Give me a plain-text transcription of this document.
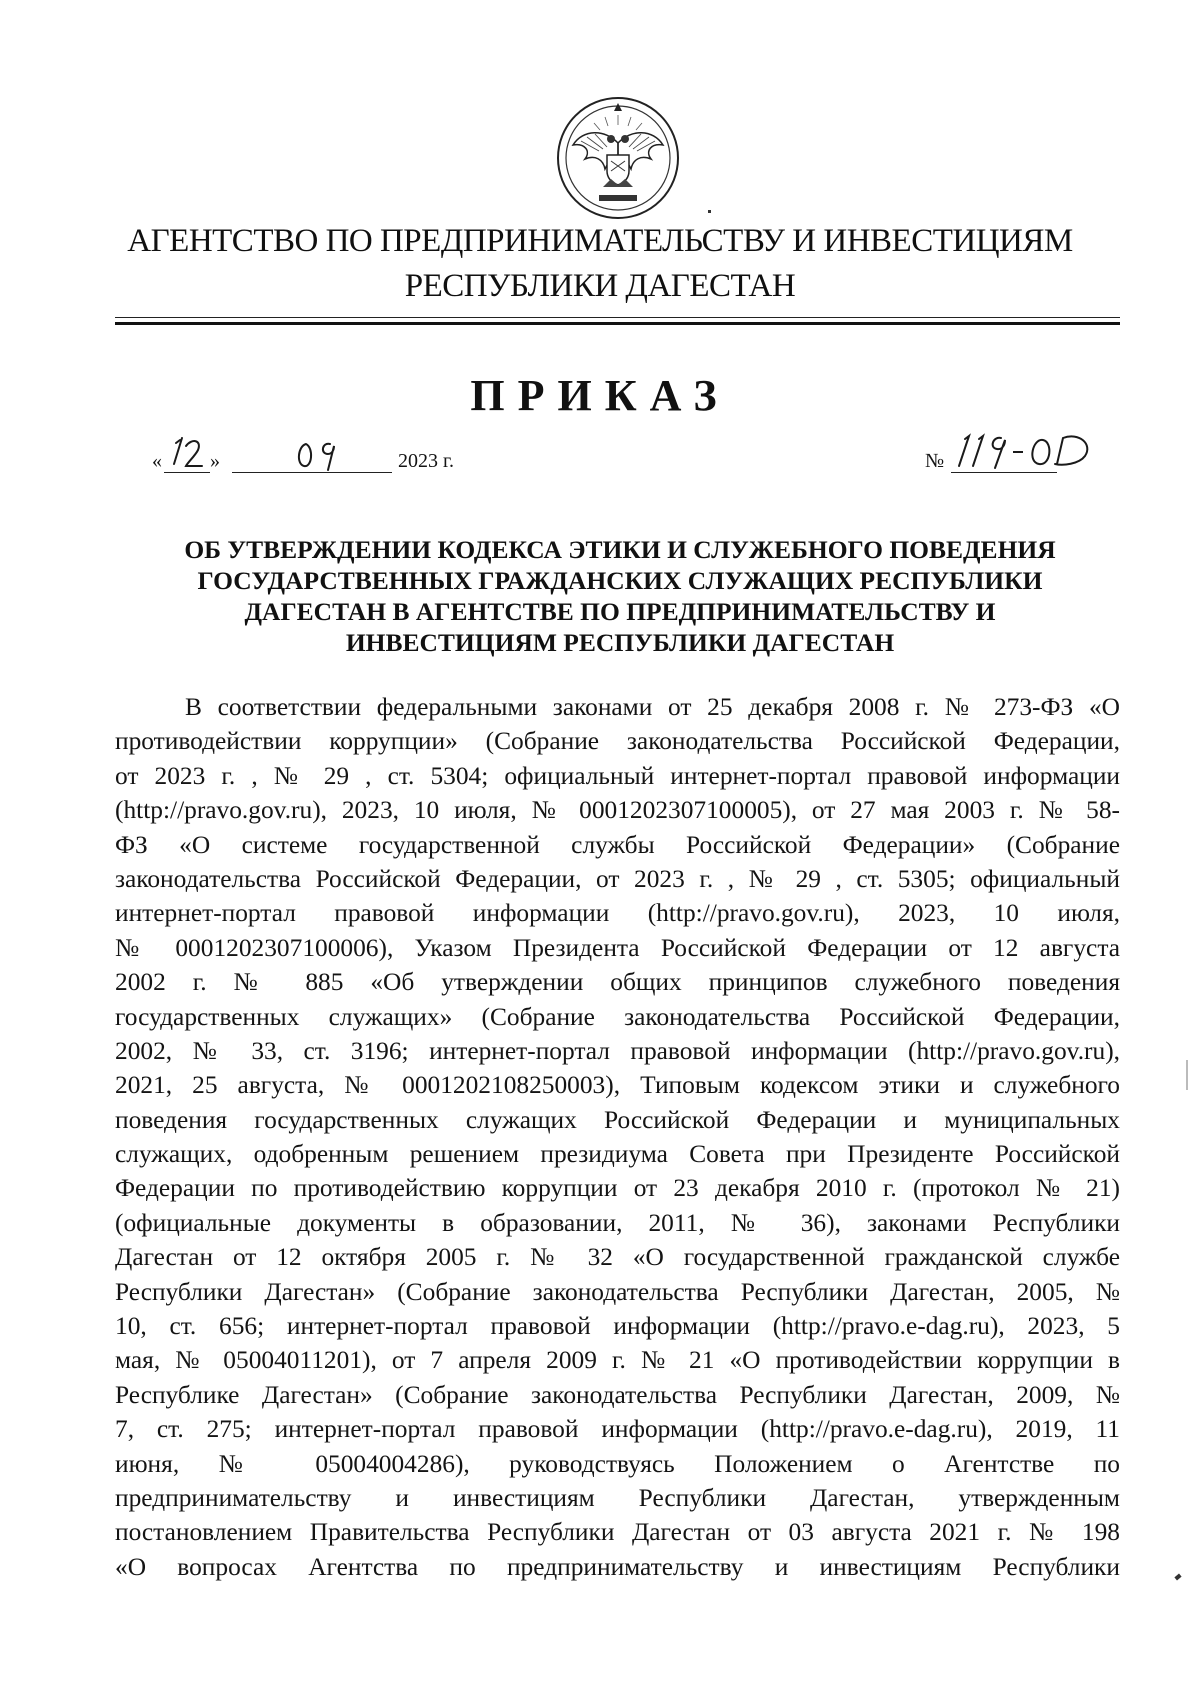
АГЕНТСТВО ПО ПРЕДПРИНИМАТЕЛЬСТВУ И ИНВЕСТИЦИЯМ
РЕСПУБЛИКИ ДАГЕСТАН
ПРИКАЗ
« »	2023 г.	№
ОБ УТВЕРЖДЕНИИ КОДЕКСА ЭТИКИ И СЛУЖЕБНОГО ПОВЕДЕНИЯ
ГОСУДАРСТВЕННЫХ ГРАЖДАНСКИХ СЛУЖАЩИХ РЕСПУБЛИКИ
ДАГЕСТАН В АГЕНТСТВЕ ПО ПРЕДПРИНИМАТЕЛЬСТВУ И
ИНВЕСТИЦИЯМ РЕСПУБЛИКИ ДАГЕСТАН
В соответствии федеральными законами от 25 декабря 2008 г. № 273-ФЗ «О
противодействии коррупции» (Собрание законодательства Российской Федерации,
от 2023 г. , № 29 , ст. 5304; официальный интернет-портал правовой информации
(http://pravo.gov.ru), 2023, 10 июля, № 0001202307100005), от 27 мая 2003 г. № 58-
ФЗ «О системе государственной службы Российской Федерации» (Собрание
законодательства Российской Федерации, от 2023 г. , № 29 , ст. 5305; официальный
интернет-портал правовой информации (http://pravo.gov.ru), 2023, 10 июля,
№ 0001202307100006), Указом Президента Российской Федерации от 12 августа
2002 г. № 885 «Об утверждении общих принципов служебного поведения
государственных служащих» (Собрание законодательства Российской Федерации,
2002, № 33, ст. 3196; интернет-портал правовой информации (http://pravo.gov.ru),
2021, 25 августа, № 0001202108250003), Типовым кодексом этики и служебного
поведения государственных служащих Российской Федерации и муниципальных
служащих, одобренным решением президиума Совета при Президенте Российской
Федерации по противодействию коррупции от 23 декабря 2010 г. (протокол № 21)
(официальные документы в образовании, 2011, № 36), законами Республики
Дагестан от 12 октября 2005 г. № 32 «О государственной гражданской службе
Республики Дагестан» (Собрание законодательства Республики Дагестан, 2005, №
10, ст. 656; интернет-портал правовой информации (http://pravo.e-dag.ru), 2023, 5
мая, № 05004011201), от 7 апреля 2009 г. № 21 «О противодействии коррупции в
Республике Дагестан» (Собрание законодательства Республики Дагестан, 2009, №
7, ст. 275; интернет-портал правовой информации (http://pravo.e-dag.ru), 2019, 11
июня, № 05004004286), руководствуясь Положением о Агентстве по
предпринимательству и инвестициям Республики Дагестан, утвержденным
постановлением Правительства Республики Дагестан от 03 августа 2021 г. № 198
«О вопросах Агентства по предпринимательству и инвестициям Республики
